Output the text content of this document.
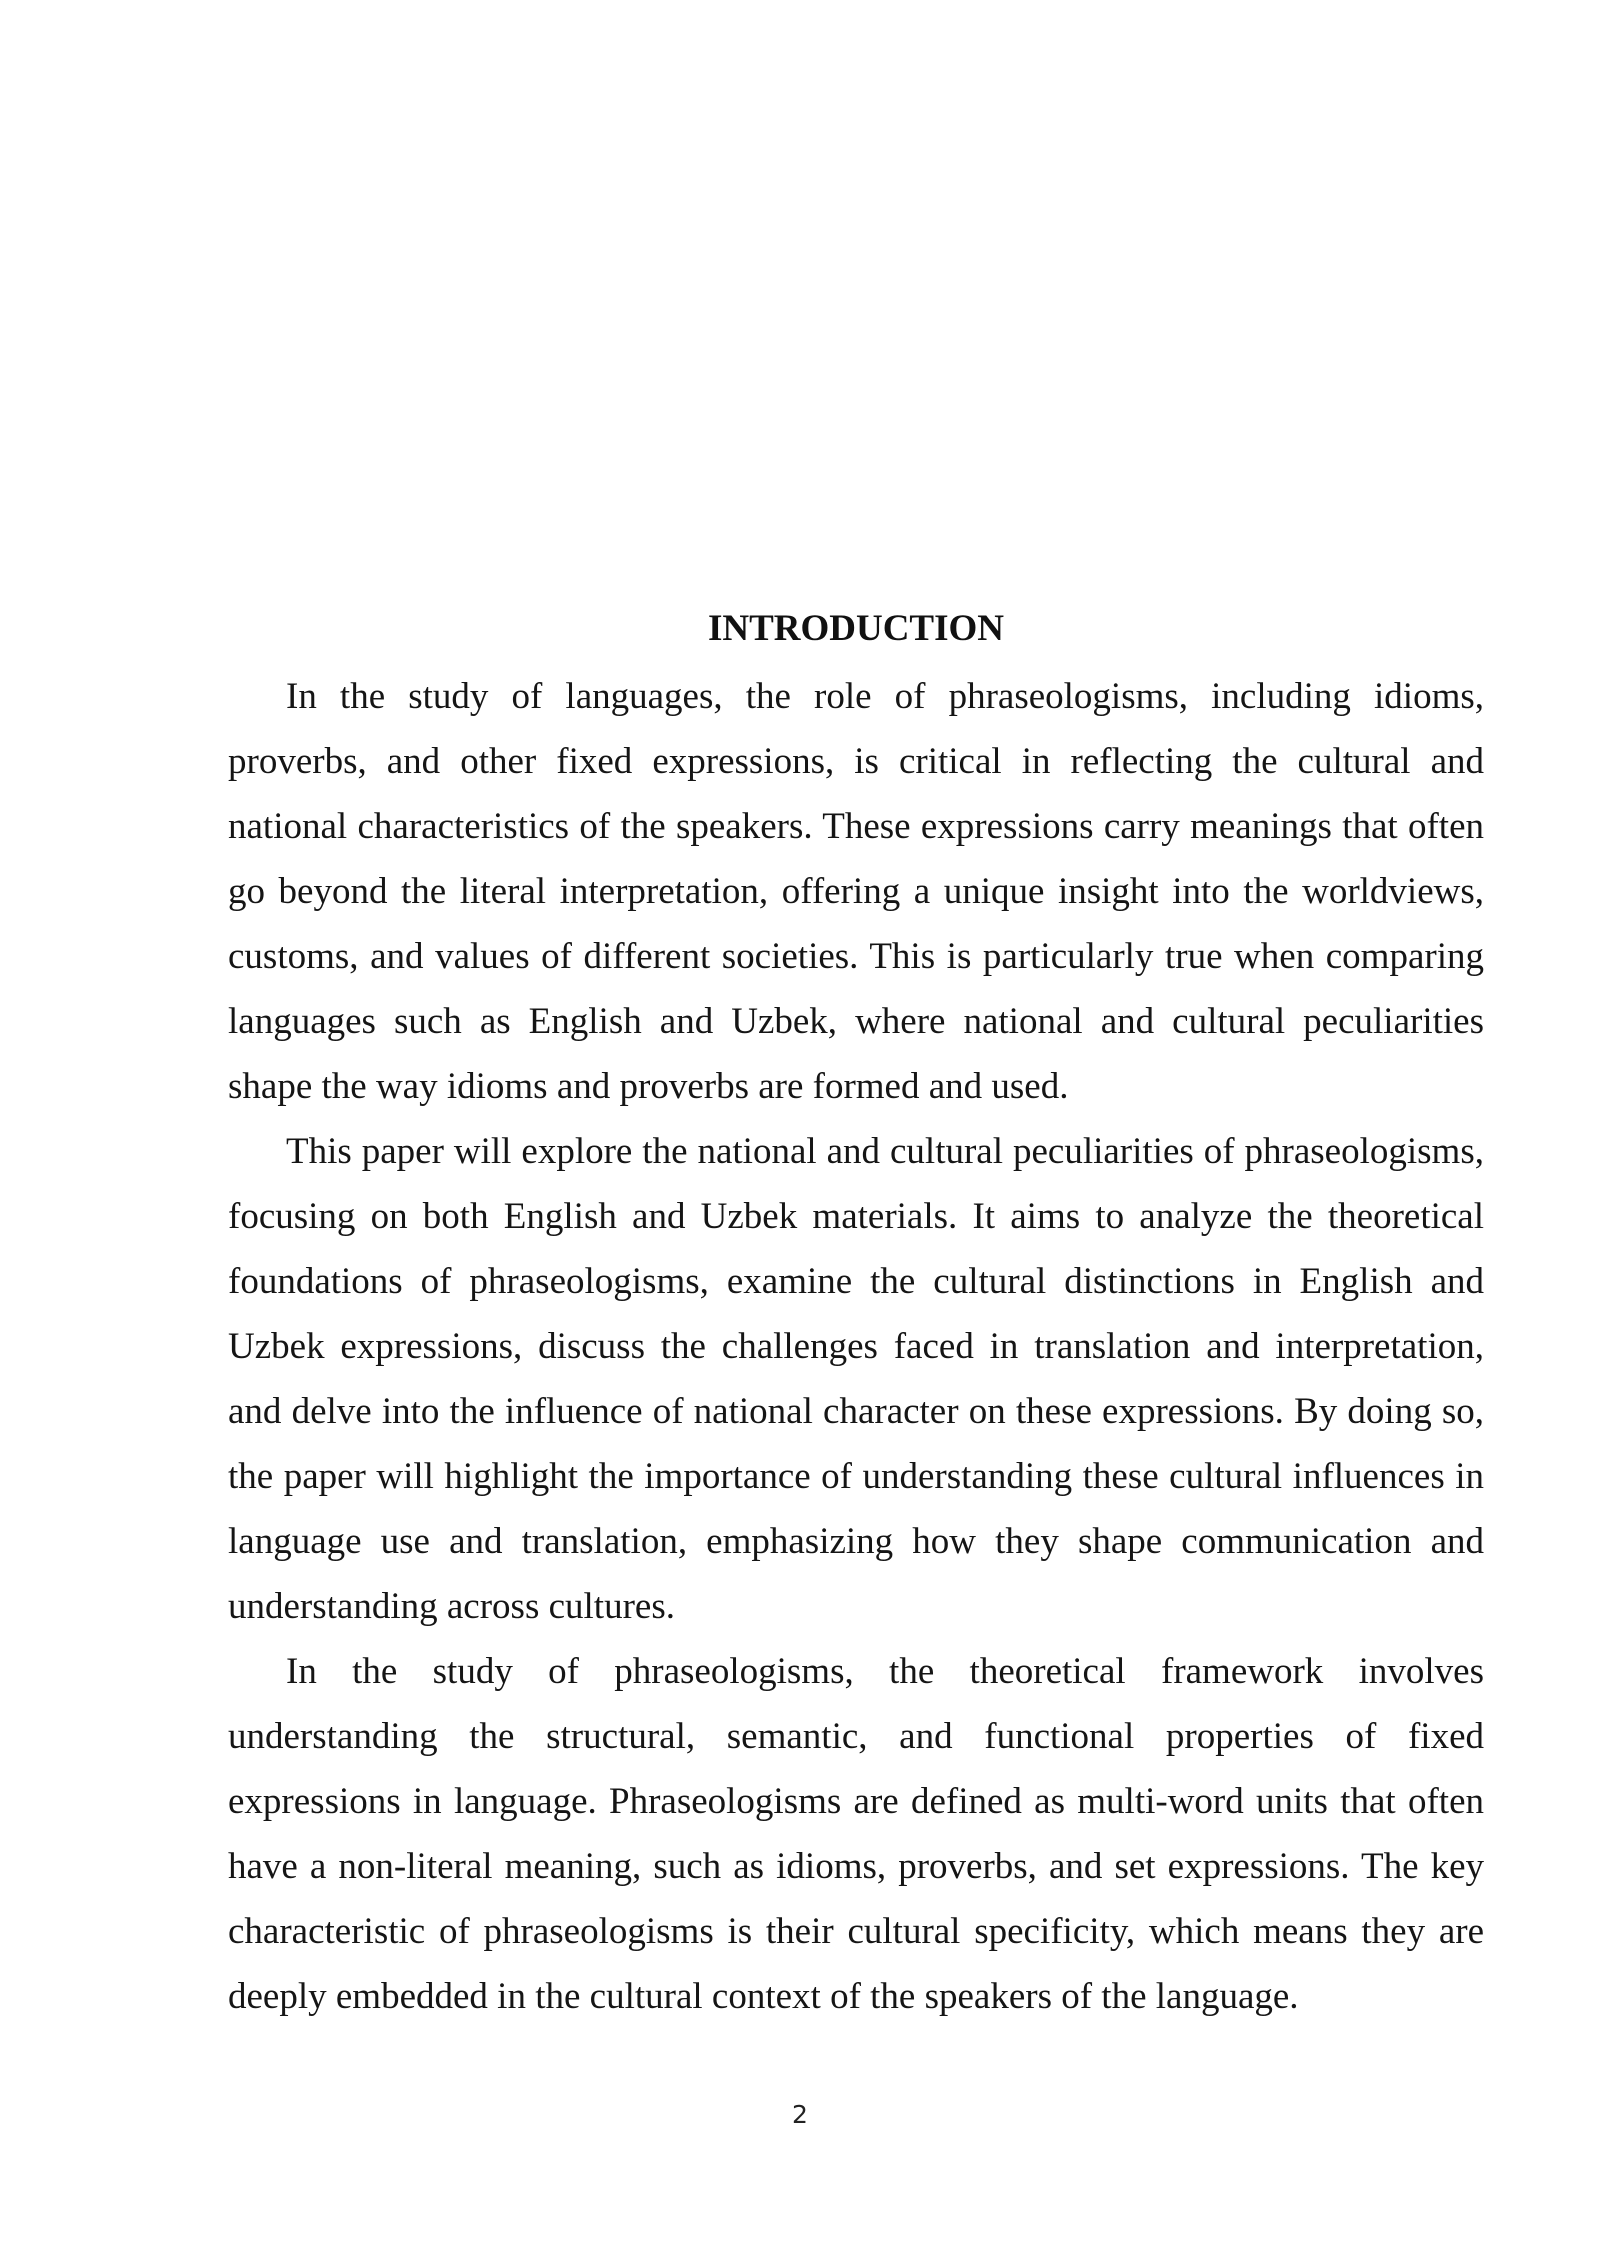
INTRODUCTION

In the study of languages, the role of phraseologisms, including idioms, proverbs, and other fixed expressions, is critical in reflecting the cultural and national characteristics of the speakers. These expressions carry meanings that often go beyond the literal interpretation, offering a unique insight into the worldviews, customs, and values of different societies. This is particularly true when comparing languages such as English and Uzbek, where national and cultural peculiarities shape the way idioms and proverbs are formed and used.

This paper will explore the national and cultural peculiarities of phraseologisms, focusing on both English and Uzbek materials. It aims to analyze the theoretical foundations of phraseologisms, examine the cultural distinctions in English and Uzbek expressions, discuss the challenges faced in translation and interpretation, and delve into the influence of national character on these expressions. By doing so, the paper will highlight the importance of understanding these cultural influences in language use and translation, emphasizing how they shape communication and understanding across cultures.

In the study of phraseologisms, the theoretical framework involves understanding the structural, semantic, and functional properties of fixed expressions in language. Phraseologisms are defined as multi-word units that often have a non-literal meaning, such as idioms, proverbs, and set expressions. The key characteristic of phraseologisms is their cultural specificity, which means they are deeply embedded in the cultural context of the speakers of the language.

2
